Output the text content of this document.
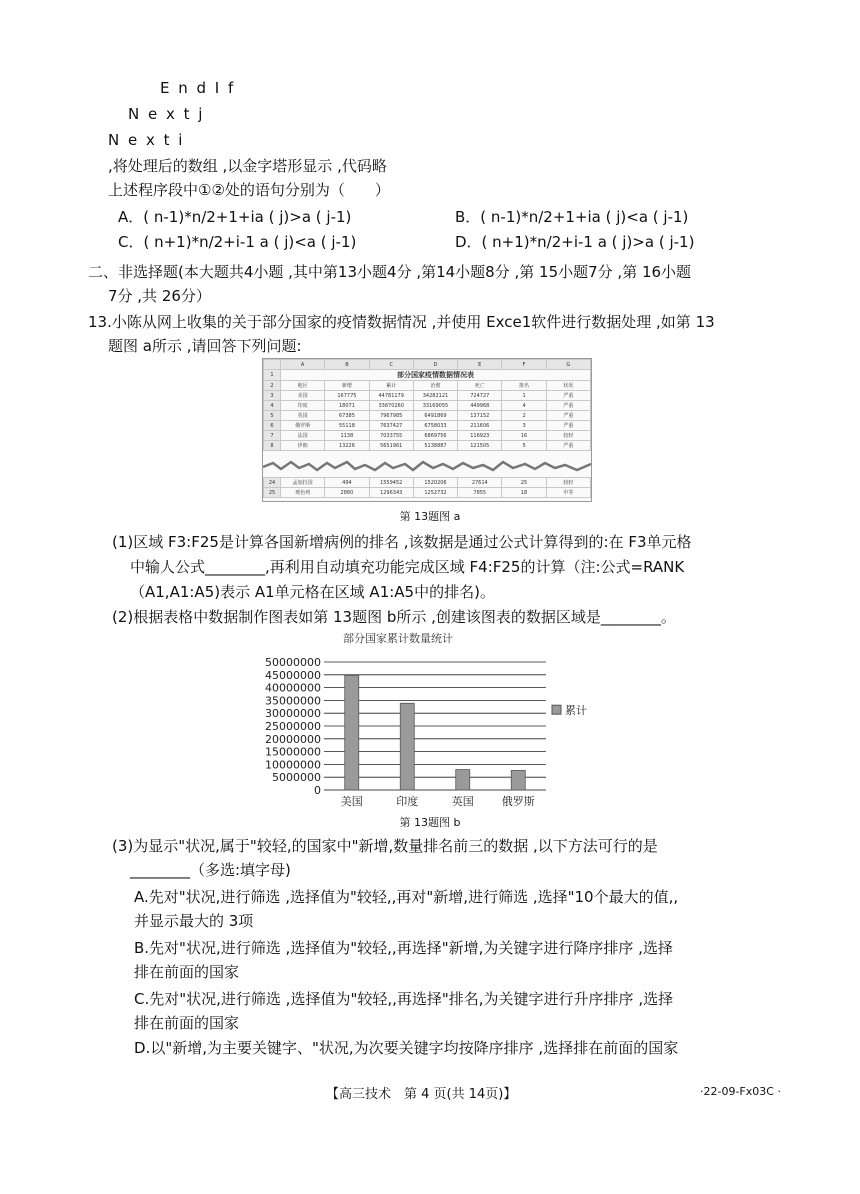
E n d I f
N e x t j
N e x t i
,将处理后的数组 ,以金字塔形显示 ,代码略
上述程序段中①②处的语句分别为（　　）
A．( n-1)*n/2+1+ia ( j)>a ( j-1)	B．( n-1)*n/2+1+ia ( j)<a ( j-1)
C．( n+1)*n/2+i-1 a ( j)<a ( j-1)	D．( n+1)*n/2+i-1 a ( j)>a ( j-1)
二、非选择题(本大题共4小题 ,其中第13小题4分 ,第14小题8分 ,第 15小题7分 ,第 16小题
7分 ,共 26分）
13.小陈从网上收集的关于部分国家的疫情数据情况 ,并使用 Exce1软件进行数据处理 ,如第 13
题图 a所示 ,请回答下列问题:
	A	B	C	D	E	F	G
1	部分国家疫情数据情况表						
2	地区	新增	累计	治愈	死亡	排名	状况
3	美国	167775	44781179	34282121	724727	1	严重
4	印度	18071	33870260	33169055	449968	4	严重
5	英国	67385	7967985	6491869	137152	2	严重
6	俄罗斯	55118	7637427	6758033	211606	3	严重
7	法国	1138	7033755	6869756	116923	16	较轻
8	伊朗	13226	5651961	5138887	121505	5	严重
24	孟加拉国	494	1559452	1520206	27614	25	较轻
25	玻色列	2880	1296343	1252732	7855	18	中等
第 13题图 a
(1)区域 F3:F25是计算各国新增病例的排名 ,该数据是通过公式计算得到的:在 F3单元格
中输人公式________,再利用自动填充功能完成区域 F4:F25的计算（注:公式=RANK
（A1,A1:A5)表示 A1单元格在区域 A1:A5中的排名)。
(2)根据表格中数据制作图表如第 13题图 b所示 ,创建该图表的数据区域是________。
部分国家累计数量统计
50000000
45000000
40000000
35000000
30000000
25000000
20000000
15000000
10000000
5000000
0
美国	印度	英国	俄罗斯
累计
第 13题图 b
(3)为显示"状况,属于"较轻,的国家中"新增,数量排名前三的数据 ,以下方法可行的是
________（多选:填字母)
A.先对"状况,进行筛选 ,选择值为"较轻,,再对"新增,进行筛选 ,选择"10个最大的值,,
并显示最大的 3项
B.先对"状况,进行筛选 ,选择值为"较轻,,再选择"新增,为关键字进行降序排序 ,选择
排在前面的国家
C.先对"状况,进行筛选 ,选择值为"较轻,,再选择"排名,为关键字进行升序排序 ,选择
排在前面的国家
D.以"新增,为主要关键字、"状况,为次要关键字均按降序排序 ,选择排在前面的国家
【高三技术　第 4 页(共 14页)】	·22-09-Fx03C ·
